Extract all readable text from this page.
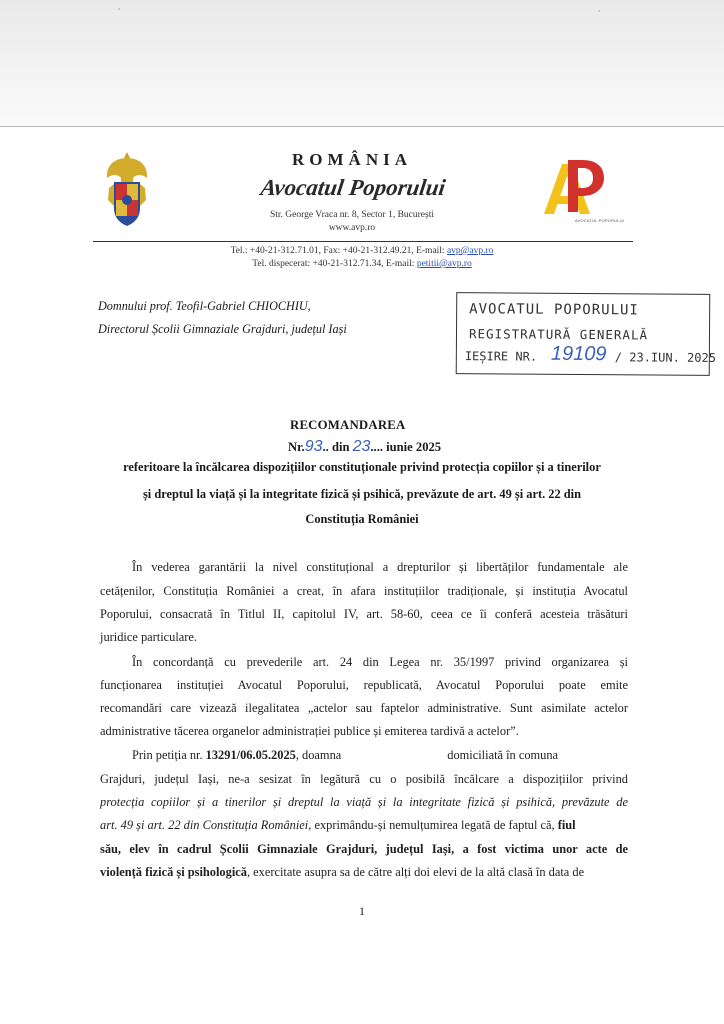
ROMÂNIA
Avocatul Poporului
Str. George Vraca nr. 8, Sector 1, București
www.avp.ro
AVOCATUL POPORULUI
Tel.: +40-21-312.71.01, Fax: +40-21-312.49.21, E-mail: avp@avp.ro
Tel. dispecerat: +40-21-312.71.34, E-mail: petitii@avp.ro
Domnului prof. Teofil-Gabriel CHIOCHIU,
Directorul Școlii Gimnaziale Grajduri, județul Iași
AVOCATUL POPORULUI
REGISTRATURĂ GENERALĂ
IEȘIRE NR. 19109 / 23.IUN. 2025
RECOMANDAREA
Nr.93.. din 23.... iunie 2025
referitoare la încălcarea dispozițiilor constituționale privind protecția copiilor și a tinerilor
și dreptul la viață și la integritate fizică și psihică, prevăzute de art. 49 și art. 22 din
Constituția României
În vederea garantării la nivel constituțional a drepturilor și libertăților fundamentale ale
cetățenilor, Constituția României a creat, în afara instituțiilor tradiționale, și instituția Avocatul
Poporului, consacrată în Titlul II, capitolul IV, art. 58-60, ceea ce îi conferă acesteia trăsături
juridice particulare.
În concordanță cu prevederile art. 24 din Legea nr. 35/1997 privind organizarea și
funcționarea instituției Avocatul Poporului, republicată, Avocatul Poporului poate emite
recomandări care vizează ilegalitatea „actelor sau faptelor administrative. Sunt asimilate actelor
administrative tăcerea organelor administrației publice și emiterea tardivă a actelor”.
Prin petiția nr. 13291/06.05.2025, doamna	domiciliată în comuna
Grajduri, județul Iași, ne-a sesizat în legătură cu o posibilă încălcare a dispozițiilor privind
protecția copiilor și a tinerilor și dreptul la viață și la integritate fizică și psihică, prevăzute de
art. 49 și art. 22 din Constituția României, exprimându-și nemulțumirea legată de faptul că, fiul
său, elev în cadrul Școlii Gimnaziale Grajduri, județul Iași, a fost victima unor acte de
violență fizică și psihologică, exercitate asupra sa de către alți doi elevi de la altă clasă în data de
1
